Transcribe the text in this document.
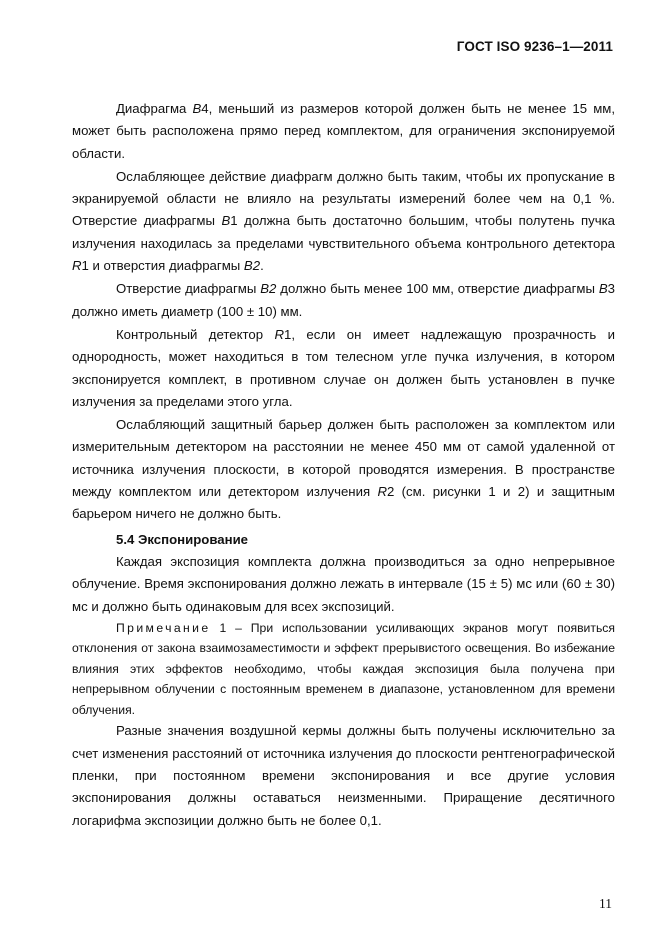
ГОСТ ISO 9236–1—2011

Диафрагма B4, меньший из размеров которой должен быть не менее 15 мм, может быть расположена прямо перед комплектом, для ограничения экспонируемой области.

Ослабляющее действие диафрагм должно быть таким, чтобы их пропускание в экранируемой области не влияло на результаты измерений более чем на 0,1 %. Отверстие диафрагмы B1 должна быть достаточно большим, чтобы полутень пучка излучения находилась за пределами чувствительного объема контрольного детектора R1 и отверстия диафрагмы B2.

Отверстие диафрагмы B2 должно быть менее 100 мм, отверстие диафрагмы B3 должно иметь диаметр (100 ± 10) мм.

Контрольный детектор R1, если он имеет надлежащую прозрачность и однородность, может находиться в том телесном угле пучка излучения, в котором экспонируется комплект, в противном случае он должен быть установлен в пучке излучения за пределами этого угла.

Ослабляющий защитный барьер должен быть расположен за комплектом или измерительным детектором на расстоянии не менее 450 мм от самой удаленной от источника излучения плоскости, в которой проводятся измерения. В пространстве между комплектом или детектором излучения R2 (см. рисунки 1 и 2) и защитным барьером ничего не должно быть.

5.4 Экспонирование

Каждая экспозиция комплекта должна производиться за одно непрерывное облучение. Время экспонирования должно лежать в интервале (15 ± 5) мс или (60 ± 30) мс и должно быть одинаковым для всех экспозиций.

Примечание 1 – При использовании усиливающих экранов могут появиться отклонения от закона взаимозаместимости и эффект прерывистого освещения. Во избежание влияния этих эффектов необходимо, чтобы каждая экспозиция была получена при непрерывном облучении с постоянным временем в диапазоне, установленном для времени облучения.

Разные значения воздушной кермы должны быть получены исключительно за счет изменения расстояний от источника излучения до плоскости рентгенографической пленки, при постоянном времени экспонирования и все другие условия экспонирования должны оставаться неизменными. Приращение десятичного логарифма экспозиции должно быть не более 0,1.

11
